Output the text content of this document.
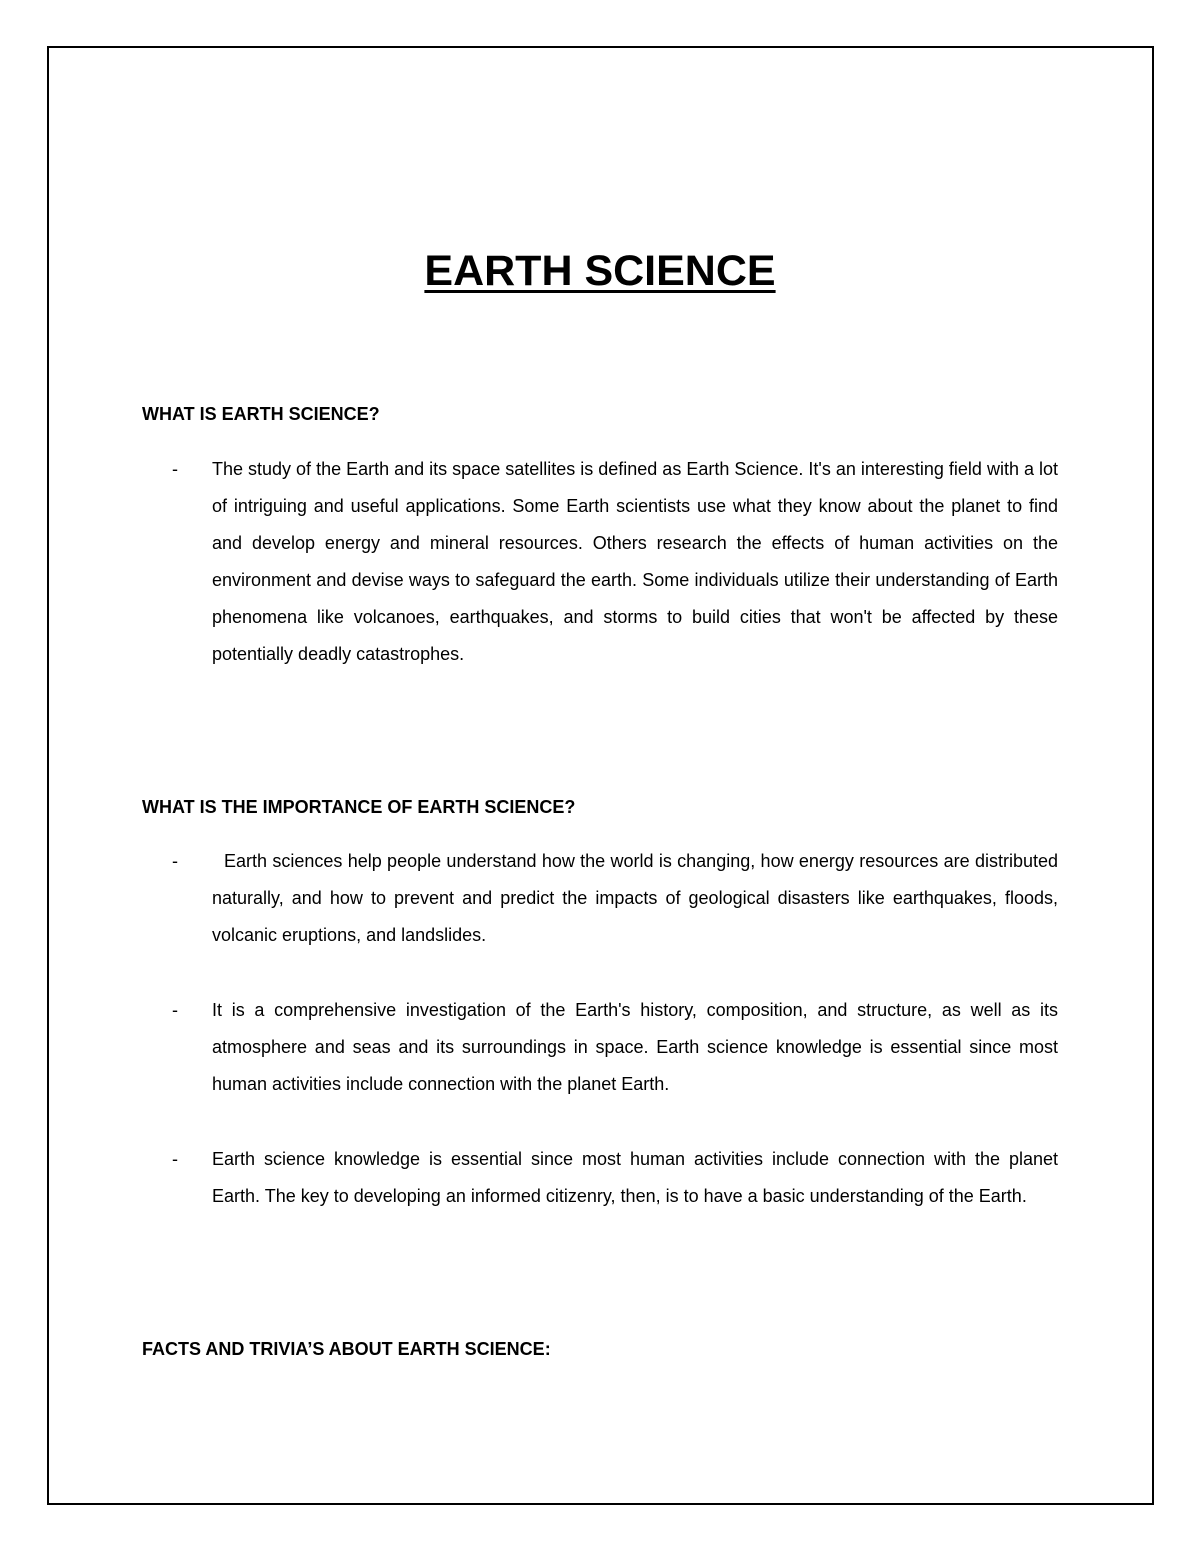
EARTH SCIENCE
WHAT IS EARTH SCIENCE?
- The study of the Earth and its space satellites is defined as Earth Science. It's an interesting field with a lot of intriguing and useful applications. Some Earth scientists use what they know about the planet to find and develop energy and mineral resources. Others research the effects of human activities on the environment and devise ways to safeguard the earth. Some individuals utilize their understanding of Earth phenomena like volcanoes, earthquakes, and storms to build cities that won't be affected by these potentially deadly catastrophes.
WHAT IS THE IMPORTANCE OF EARTH SCIENCE?
-	Earth sciences help people understand how the world is changing, how energy resources are distributed naturally, and how to prevent and predict the impacts of geological disasters like earthquakes, floods, volcanic eruptions, and landslides.
- It is a comprehensive investigation of the Earth's history, composition, and structure, as well as its atmosphere and seas and its surroundings in space. Earth science knowledge is essential since most human activities include connection with the planet Earth.
- Earth science knowledge is essential since most human activities include connection with the planet Earth. The key to developing an informed citizenry, then, is to have a basic understanding of the Earth.
FACTS AND TRIVIA’S ABOUT EARTH SCIENCE:
